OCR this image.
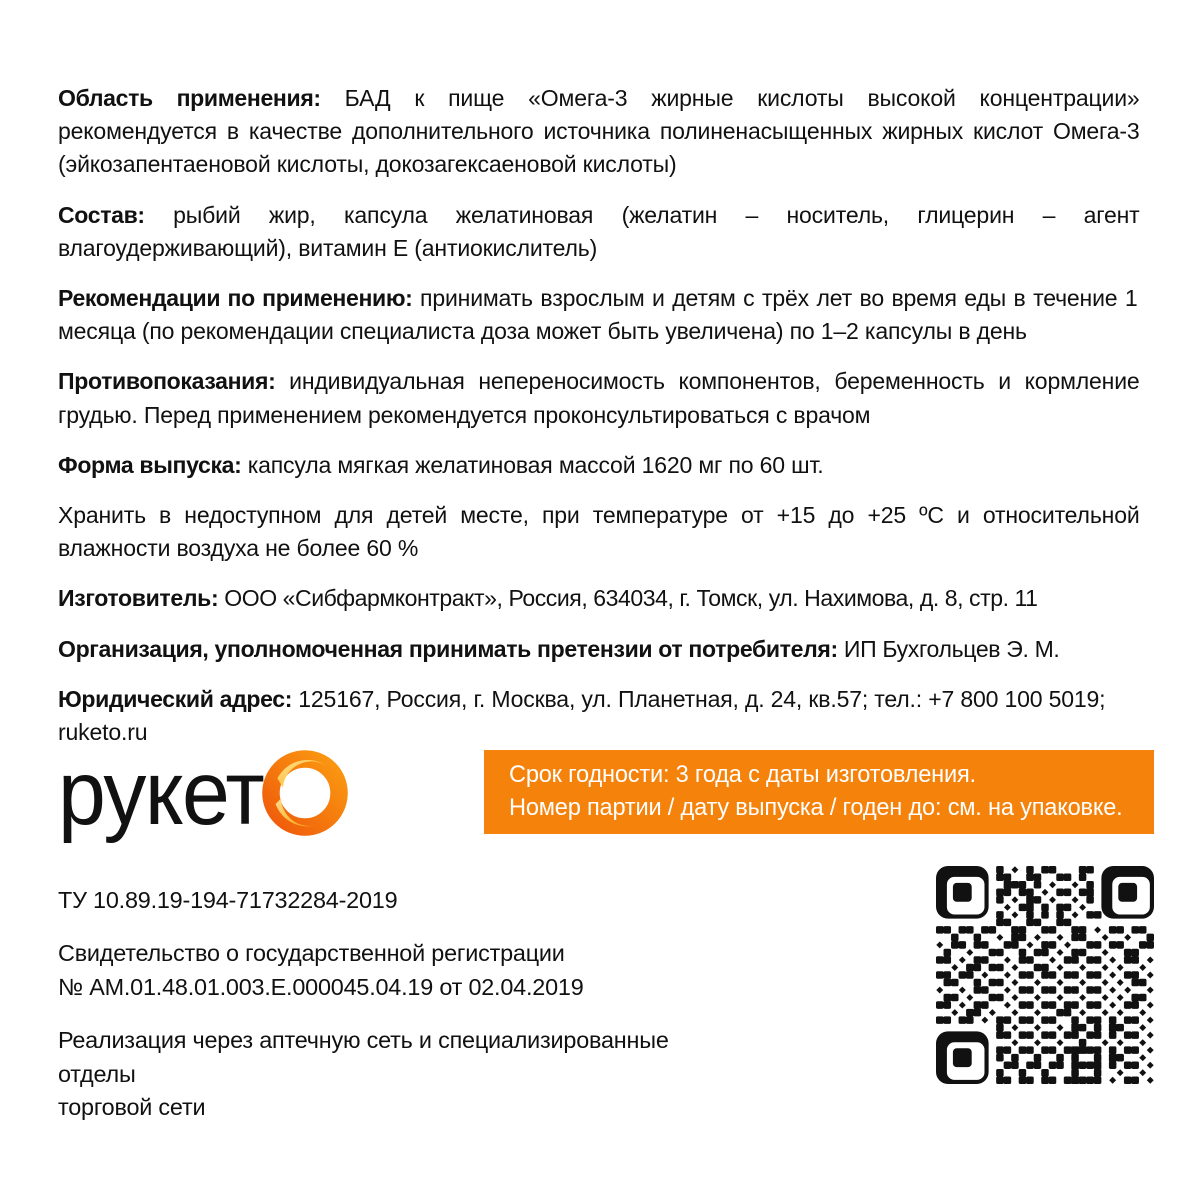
Область применения: БАД к пище «Омега-3 жирные кислоты высокой концентрации» рекомендуется в качестве дополнительного источника полиненасыщенных жирных кислот Омега-3 (эйкозапентаеновой кислоты, докозагексаеновой кислоты)

Состав: рыбий жир, капсула желатиновая (желатин – носитель, глицерин – агент влагоудерживающий), витамин Е (антиокислитель)

Рекомендации по применению: принимать взрослым и детям с трёх лет во время еды в течение 1 месяца (по рекомендации специалиста доза может быть увеличена) по 1–2 капсулы в день

Противопоказания: индивидуальная непереносимость компонентов, беременность и кормление грудью. Перед применением рекомендуется проконсультироваться с врачом

Форма выпуска: капсула мягкая желатиновая массой 1620 мг по 60 шт.

Хранить в недоступном для детей месте, при температуре от +15 до +25 ºC и относительной влажности воздуха не более 60 %

Изготовитель: ООО «Сибфармконтракт», Россия, 634034, г. Томск, ул. Нахимова, д. 8, стр. 11

Организация, уполномоченная принимать претензии от потребителя: ИП Бухгольцев Э. М.

Юридический адрес: 125167, Россия, г. Москва, ул. Планетная, д. 24, кв.57; тел.: +7 800 100 5019; ruketo.ru

рукет	Срок годности: 3 года с даты изготовления.
Номер партии / дату выпуска / годен до: см. на упаковке.

ТУ 10.89.19-194-71732284-2019

Свидетельство о государственной регистрации
№ AM.01.48.01.003.Е.000045.04.19 от 02.04.2019

Реализация через аптечную сеть и специализированные отделы
торговой сети
